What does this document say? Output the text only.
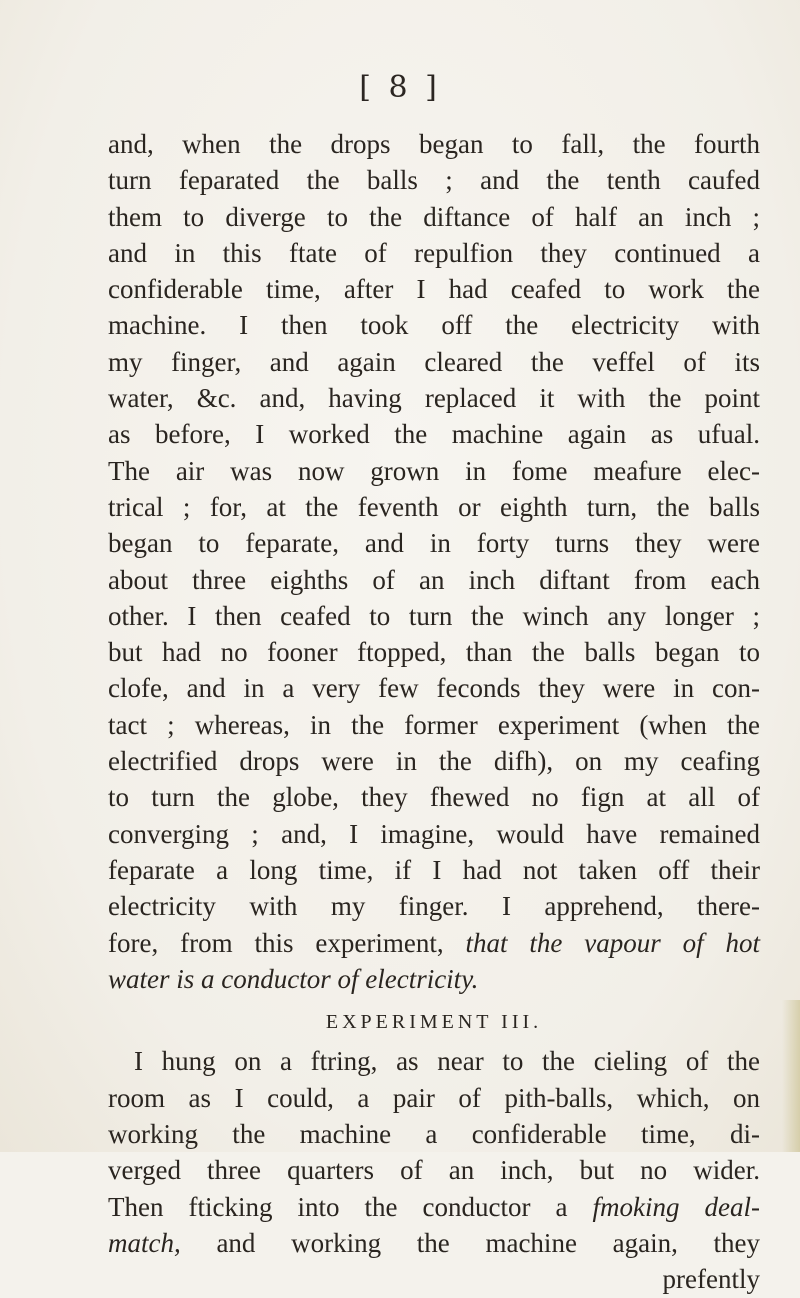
[ 8 ]
and, when the drops began to fall, the fourth
turn feparated the balls ; and the tenth caufed
them to diverge to the diftance of half an inch ;
and in this ftate of repulfion they continued a
confiderable time, after I had ceafed to work the
machine. I then took off the electricity with
my finger, and again cleared the veffel of its
water, &c. and, having replaced it with the point
as before, I worked the machine again as ufual.
The air was now grown in fome meafure elec-
trical ; for, at the feventh or eighth turn, the balls
began to feparate, and in forty turns they were
about three eighths of an inch diftant from each
other. I then ceafed to turn the winch any longer ;
but had no fooner ftopped, than the balls began to
clofe, and in a very few feconds they were in con-
tact ; whereas, in the former experiment (when the
electrified drops were in the difh), on my ceafing
to turn the globe, they fhewed no fign at all of
converging ; and, I imagine, would have remained
feparate a long time, if I had not taken off their
electricity with my finger. I apprehend, there-
fore, from this experiment, that the vapour of hot
water is a conductor of electricity.
EXPERIMENT III.
I hung on a ftring, as near to the cieling of the
room as I could, a pair of pith-balls, which, on
working the machine a confiderable time, di-
verged three quarters of an inch, but no wider.
Then fticking into the conductor a fmoking deal-
match, and working the machine again, they
prefently
